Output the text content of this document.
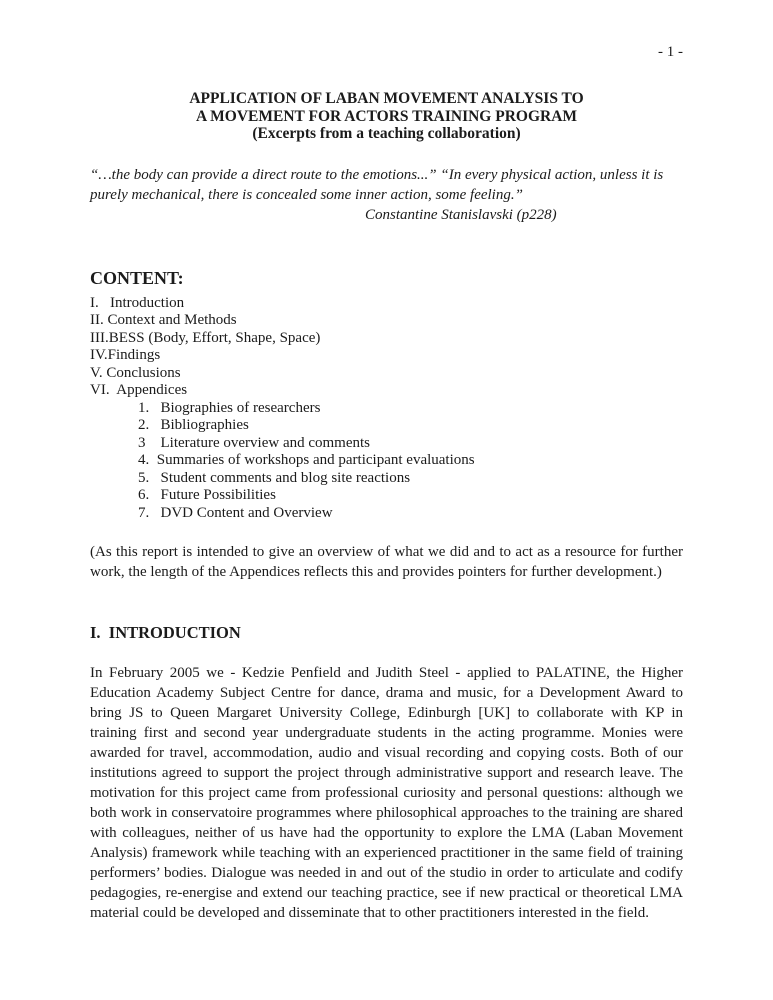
- 1 -
APPLICATION OF LABAN MOVEMENT ANALYSIS TO
A MOVEMENT FOR ACTORS TRAINING PROGRAM
(Excerpts from a teaching collaboration)
“…the body can provide a direct route to the emotions...” “In every physical action, unless it is purely mechanical, there is concealed some inner action, some feeling.”
Constantine Stanislavski (p228)
CONTENT:
I.   Introduction
II. Context and Methods
III.BESS (Body, Effort, Shape, Space)
IV.Findings
V. Conclusions
VI.  Appendices
1.   Biographies of researchers
2.   Bibliographies
3    Literature overview and comments
4.  Summaries of workshops and participant evaluations
5.   Student comments and blog site reactions
6.   Future Possibilities
7.   DVD Content and Overview
(As this report is intended to give an overview of what we did and to act as a resource for further work, the length of the Appendices reflects this and provides pointers for further development.)
I.  INTRODUCTION
In February 2005 we - Kedzie Penfield and Judith Steel - applied to PALATINE, the Higher Education Academy Subject Centre for dance, drama and music, for a Development Award to bring JS to Queen Margaret University College, Edinburgh [UK] to collaborate with KP in training first and second year undergraduate students in the acting programme. Monies were awarded for travel, accommodation, audio and visual recording and copying costs. Both of our institutions agreed to support the project through administrative support and research leave. The motivation for this project came from professional curiosity and personal questions: although we both work in conservatoire programmes where philosophical approaches to the training are shared with colleagues, neither of us have had the opportunity to explore the LMA (Laban Movement Analysis) framework while teaching with an experienced practitioner in the same field of training performers’ bodies. Dialogue was needed in and out of the studio in order to articulate and codify pedagogies, re-energise and extend our teaching practice, see if new practical or theoretical LMA material could be developed and disseminate that to other practitioners interested in the field.
